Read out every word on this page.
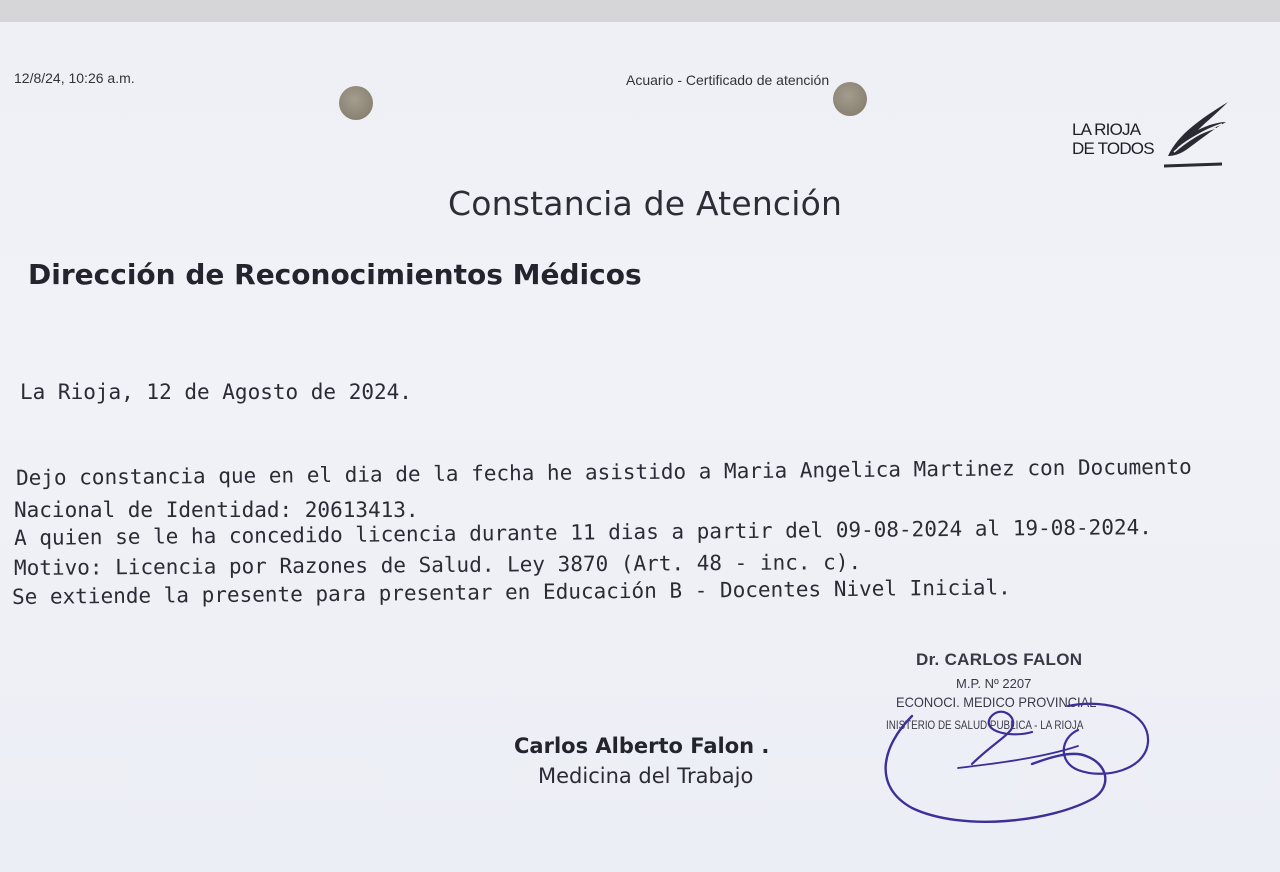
12/8/24, 10:26 a.m.	Acuario - Certificado de atención
LA RIOJA
DE TODOS
Constancia de Atención
Dirección de Reconocimientos Médicos
La Rioja, 12 de Agosto de 2024.
Dejo constancia que en el dia de la fecha he asistido a Maria Angelica Martinez con Documento
Nacional de Identidad: 20613413.
A quien se le ha concedido licencia durante 11 dias a partir del 09-08-2024 al 19-08-2024.
Motivo: Licencia por Razones de Salud. Ley 3870 (Art. 48 - inc. c).
Se extiende la presente para presentar en Educación B - Docentes Nivel Inicial.
Carlos Alberto Falon .
Medicina del Trabajo
Dr. CARLOS FALON
M.P. Nº 2207
ECONOCI. MEDICO PROVINCIAL
INISTERIO DE SALUD PUBLICA - LA RIOJA
